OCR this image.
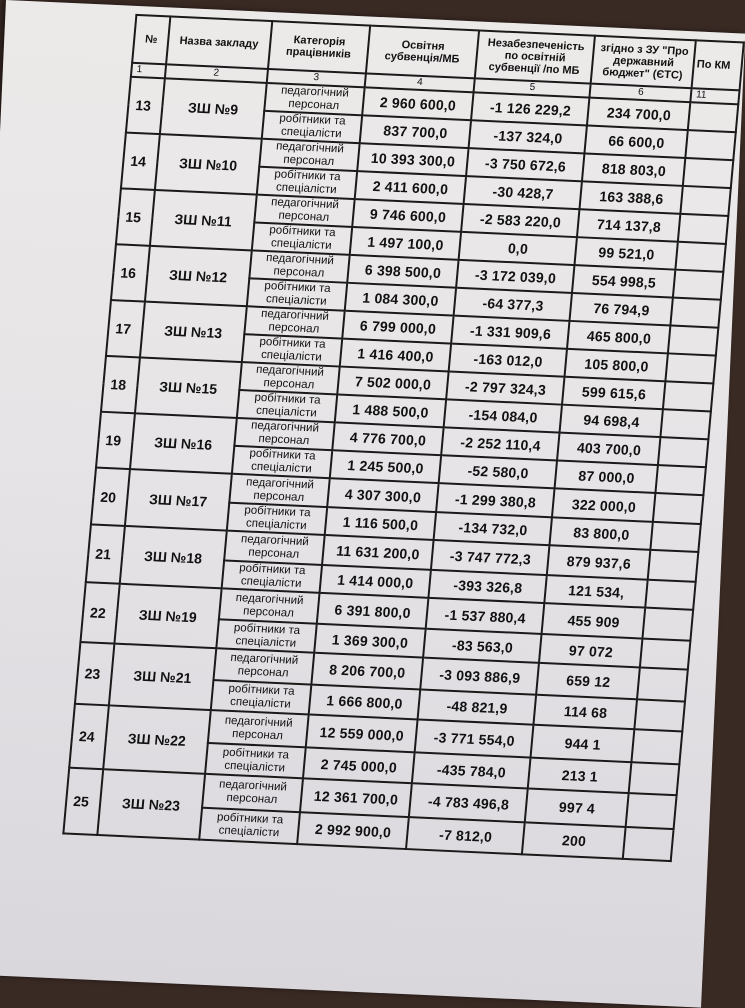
№	Назва закладу	Категорія працівників	Освітня субвенція/МБ	Незабезпеченість по освітній субвенції /по МБ	згідно з ЗУ "Про державний бюджет" (ЄТС)	По КМ
1	2	3	4	5	6	11
13	ЗШ №9	педагогічний персонал	2 960 600,0	-1 126 229,2	234 700,0	
		робітники та спеціалісти	837 700,0	-137 324,0	66 600,0	
14	ЗШ №10	педагогічний персонал	10 393 300,0	-3 750 672,6	818 803,0	
		робітники та спеціалісти	2 411 600,0	-30 428,7	163 388,6	
15	ЗШ №11	педагогічний персонал	9 746 600,0	-2 583 220,0	714 137,8	
		робітники та спеціалісти	1 497 100,0	0,0	99 521,0	
16	ЗШ №12	педагогічний персонал	6 398 500,0	-3 172 039,0	554 998,5	
		робітники та спеціалісти	1 084 300,0	-64 377,3	76 794,9	
17	ЗШ №13	педагогічний персонал	6 799 000,0	-1 331 909,6	465 800,0	
		робітники та спеціалісти	1 416 400,0	-163 012,0	105 800,0	
18	ЗШ №15	педагогічний персонал	7 502 000,0	-2 797 324,3	599 615,6	
		робітники та спеціалісти	1 488 500,0	-154 084,0	94 698,4	
19	ЗШ №16	педагогічний персонал	4 776 700,0	-2 252 110,4	403 700,0	
		робітники та спеціалісти	1 245 500,0	-52 580,0	87 000,0	
20	ЗШ №17	педагогічний персонал	4 307 300,0	-1 299 380,8	322 000,0	
		робітники та спеціалісти	1 116 500,0	-134 732,0	83 800,0	
21	ЗШ №18	педагогічний персонал	11 631 200,0	-3 747 772,3	879 937,6	
		робітники та спеціалісти	1 414 000,0	-393 326,8	121 534,	
22	ЗШ №19	педагогічний персонал	6 391 800,0	-1 537 880,4	455 909	
		робітники та спеціалісти	1 369 300,0	-83 563,0	97 072	
23	ЗШ №21	педагогічний персонал	8 206 700,0	-3 093 886,9	659 12	
		робітники та спеціалісти	1 666 800,0	-48 821,9	114 68	
24	ЗШ №22	педагогічний персонал	12 559 000,0	-3 771 554,0	944 1	
		робітники та спеціалісти	2 745 000,0	-435 784,0	213 1	
25	ЗШ №23	педагогічний персонал	12 361 700,0	-4 783 496,8	997 4	
		робітники та спеціалісти	2 992 900,0	-7 812,0	200	
